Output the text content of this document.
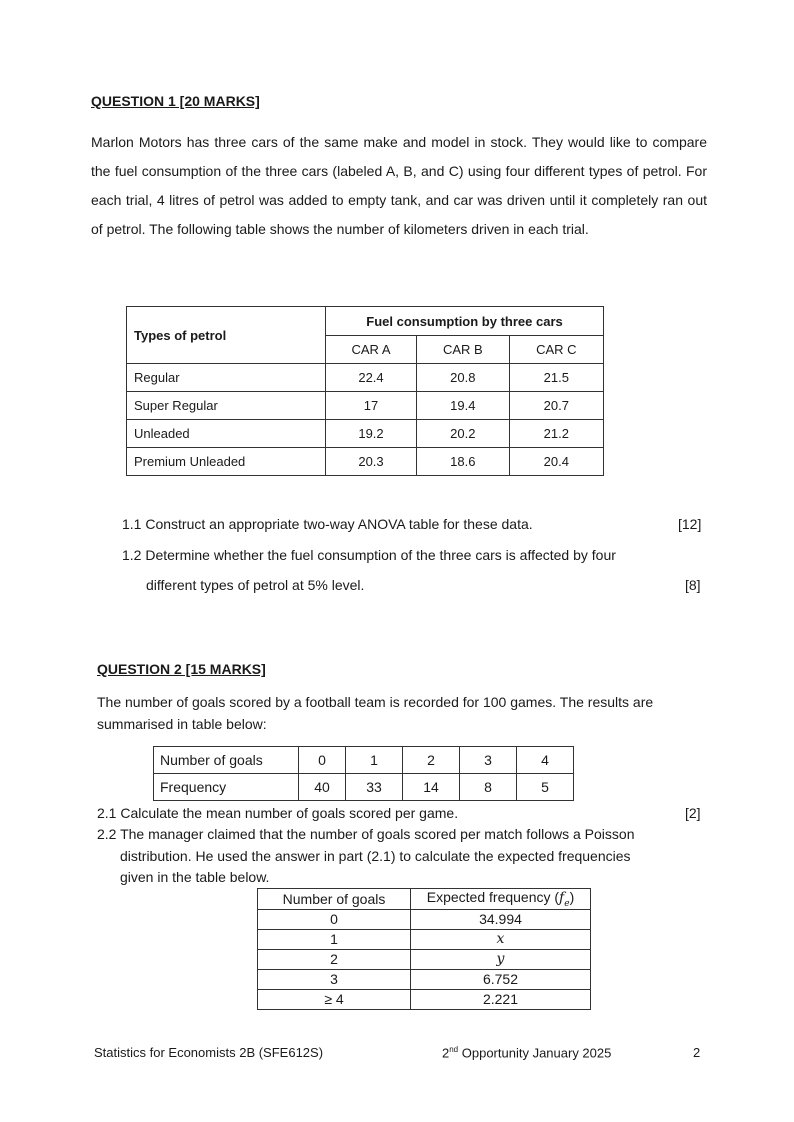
QUESTION 1 [20 MARKS]
Marlon Motors has three cars of the same make and model in stock. They would like to compare the fuel consumption of the three cars (labeled A, B, and C) using four different types of petrol. For each trial, 4 litres of petrol was added to empty tank, and car was driven until it completely ran out of petrol. The following table shows the number of kilometers driven in each trial.
Types of petrol	Fuel consumption by three cars		
	CAR A	CAR B	CAR C
Regular	22.4	20.8	21.5
Super Regular	17	19.4	20.7
Unleaded	19.2	20.2	21.2
Premium Unleaded	20.3	18.6	20.4
1.1 Construct an appropriate two-way ANOVA table for these data.	[12]
1.2 Determine whether the fuel consumption of the three cars is affected by four
different types of petrol at 5% level.	[8]
QUESTION 2 [15 MARKS]
The number of goals scored by a football team is recorded for 100 games. The results are
summarised in table below:
Number of goals	0	1	2	3	4
Frequency	40	33	14	8	5
2.1 Calculate the mean number of goals scored per game.	[2]
2.2 The manager claimed that the number of goals scored per match follows a Poisson
distribution. He used the answer in part (2.1) to calculate the expected frequencies
given in the table below.
Number of goals	Expected frequency $(f_e)$
0	34.994
1	x
2	y
3	6.752
≥ 4	2.221
Statistics for Economists 2B (SFE612S)	2nd Opportunity January 2025	2
